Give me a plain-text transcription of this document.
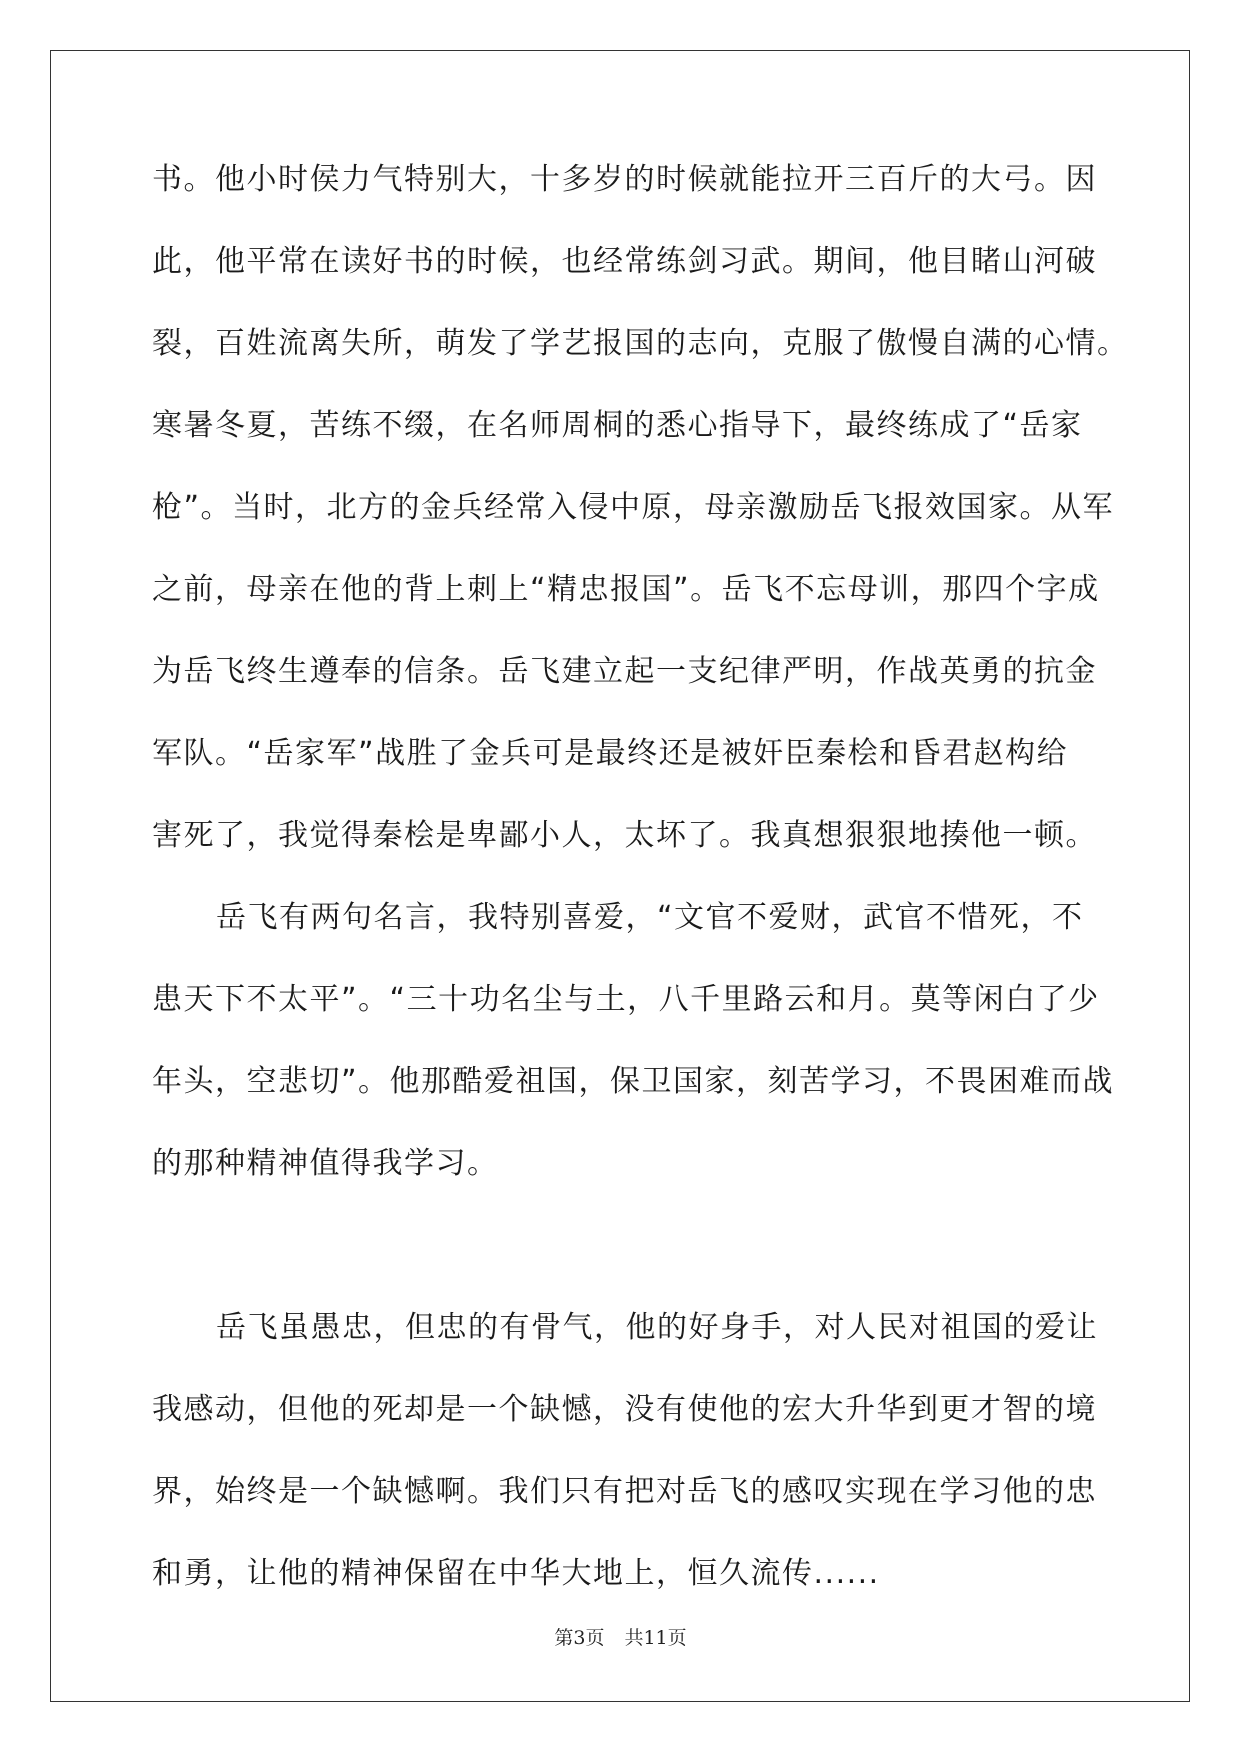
书。他小时侯力气特别大，十多岁的时候就能拉开三百斤的大弓。因
此，他平常在读好书的时候，也经常练剑习武。期间，他目睹山河破
裂，百姓流离失所，萌发了学艺报国的志向，克服了傲慢自满的心情。
寒暑冬夏，苦练不缀，在名师周桐的悉心指导下，最终练成了“岳家
枪”。当时，北方的金兵经常入侵中原，母亲激励岳飞报效国家。从军
之前，母亲在他的背上刺上“精忠报国”。岳飞不忘母训，那四个字成
为岳飞终生遵奉的信条。岳飞建立起一支纪律严明，作战英勇的抗金
军队。“岳家军”战胜了金兵可是最终还是被奸臣秦桧和昏君赵构给
害死了，我觉得秦桧是卑鄙小人，太坏了。我真想狠狠地揍他一顿。
岳飞有两句名言，我特别喜爱，“文官不爱财，武官不惜死，不
患天下不太平”。“三十功名尘与土，八千里路云和月。莫等闲白了少
年头，空悲切”。他那酷爱祖国，保卫国家，刻苦学习，不畏困难而战
的那种精神值得我学习。
岳飞虽愚忠，但忠的有骨气，他的好身手，对人民对祖国的爱让
我感动，但他的死却是一个缺憾，没有使他的宏大升华到更才智的境
界，始终是一个缺憾啊。我们只有把对岳飞的感叹实现在学习他的忠
和勇，让他的精神保留在中华大地上，恒久流传......
第3页 共11页
